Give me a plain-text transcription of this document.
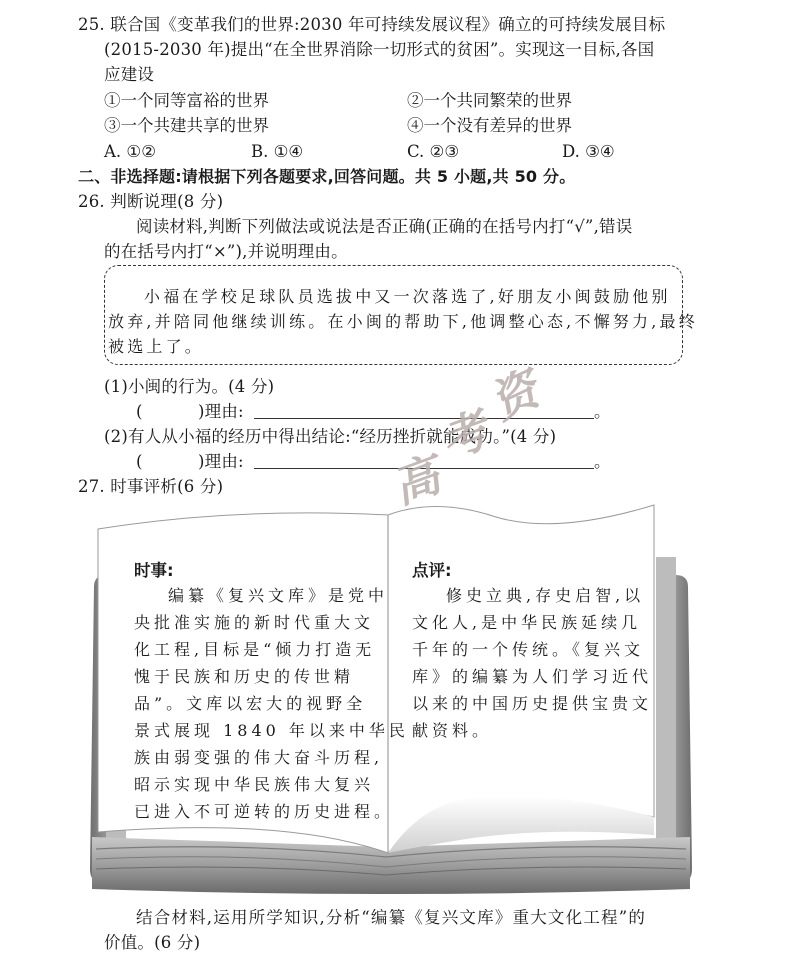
25. 联合国《变革我们的世界:2030 年可持续发展议程》确立的可持续发展目标
(2015-2030 年)提出“在全世界消除一切形式的贫困”。实现这一目标,各国
应建设
①一个同等富裕的世界	②一个共同繁荣的世界
③一个共建共享的世界	④一个没有差异的世界
A. ①②	B. ①④	C. ②③	D. ③④
二、非选择题:请根据下列各题要求,回答问题。共 5 小题,共 50 分。
26. 判断说理(8 分)
阅读材料,判断下列做法或说法是否正确(正确的在括号内打“√”,错误
的在括号内打“×”),并说明理由。
小福在学校足球队员选拔中又一次落选了,好朋友小闽鼓励他别
放弃,并陪同他继续训练。在小闽的帮助下,他调整心态,不懈努力,最终
被选上了。
(1)小闽的行为。(4 分)
(	)理由:	。
(2)有人从小福的经历中得出结论:“经历挫折就能成功。”(4 分)
(	)理由:	。
27. 时事评析(6 分)
时事:
编纂《复兴文库》是党中
央批准实施的新时代重大文
化工程,目标是“倾力打造无
愧于民族和历史的传世精
品”。文库以宏大的视野全
景式展现 1840 年以来中华民
族由弱变强的伟大奋斗历程,
昭示实现中华民族伟大复兴
已进入不可逆转的历史进程。
点评:
修史立典,存史启智,以
文化人,是中华民族延续几
千年的一个传统。《复兴文
库》的编纂为人们学习近代
以来的中国历史提供宝贵文
献资料。
结合材料,运用所学知识,分析“编纂《复兴文库》重大文化工程”的
价值。(6 分)
资
考
高
